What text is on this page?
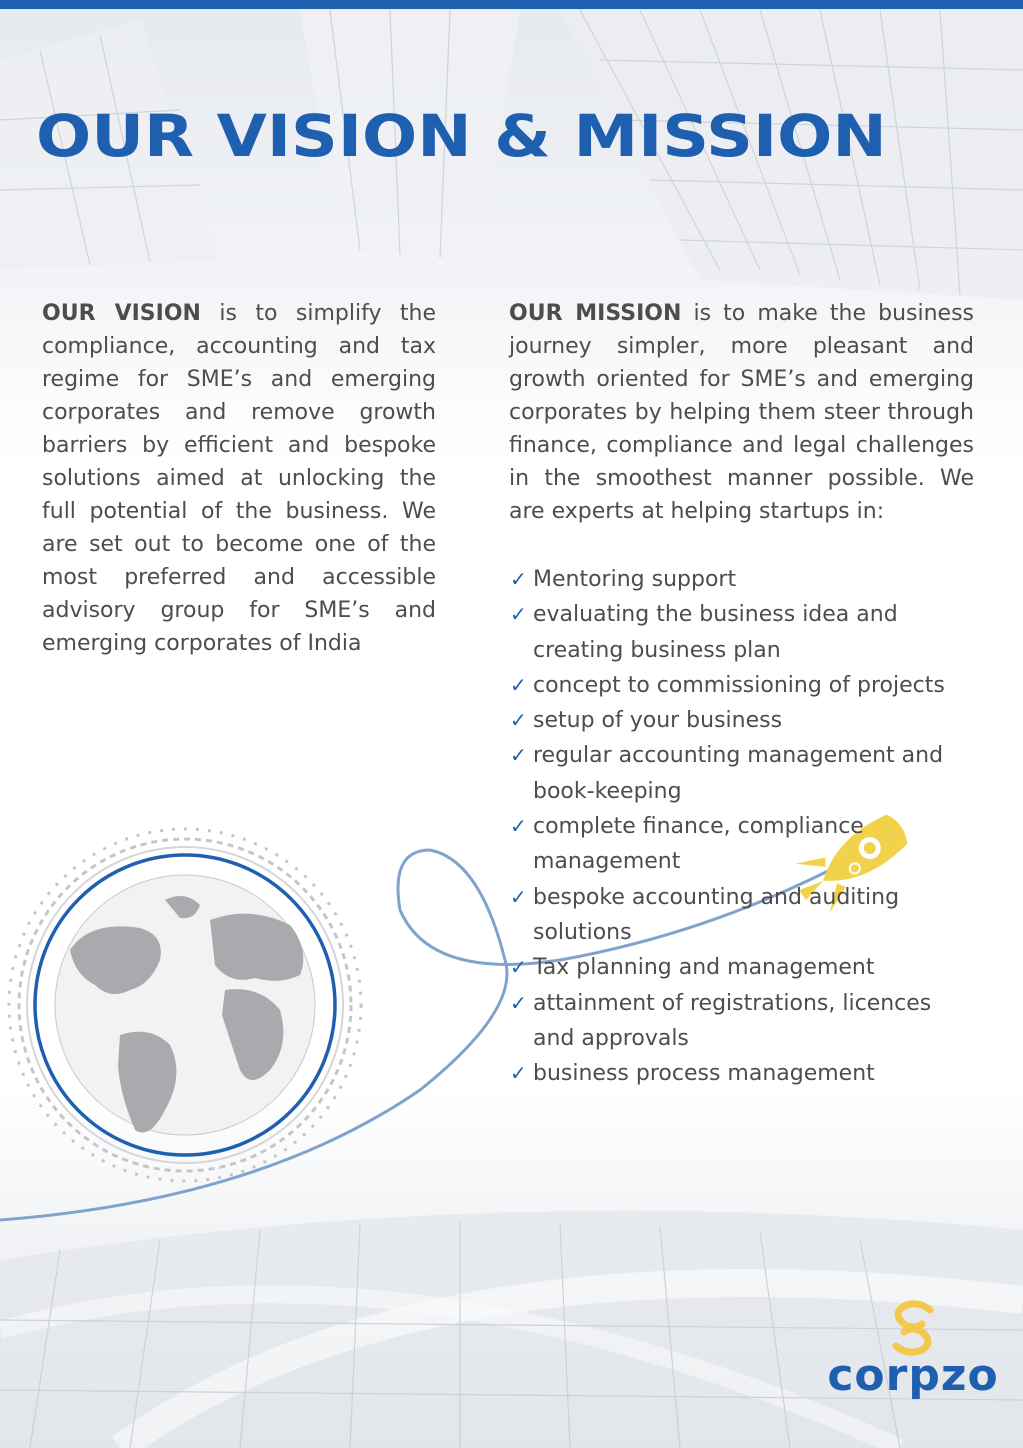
OUR VISION & MISSION
OUR VISION is to simplify the compliance, accounting and tax regime for SME’s and emerging corporates and remove growth barriers by efficient and bespoke solutions aimed at unlocking the full potential of the business. We are set out to become one of the most preferred and accessible advisory group for SME’s and emerging corporates of India
OUR MISSION is to make the business journey simpler, more pleasant and growth oriented for SME’s and emerging corporates by helping them steer through finance, compliance and legal challenges in the smoothest manner possible. We are experts at helping startups in:
✓ Mentoring support
✓ evaluating the business idea and creating business plan
✓ concept to commissioning of projects
✓ setup of your business
✓ regular accounting management and book-keeping
✓ complete finance, compliance management
✓ bespoke accounting and auditing solutions
✓ Tax planning and management
✓ attainment of registrations, licences and approvals
✓ business process management
corpzo
